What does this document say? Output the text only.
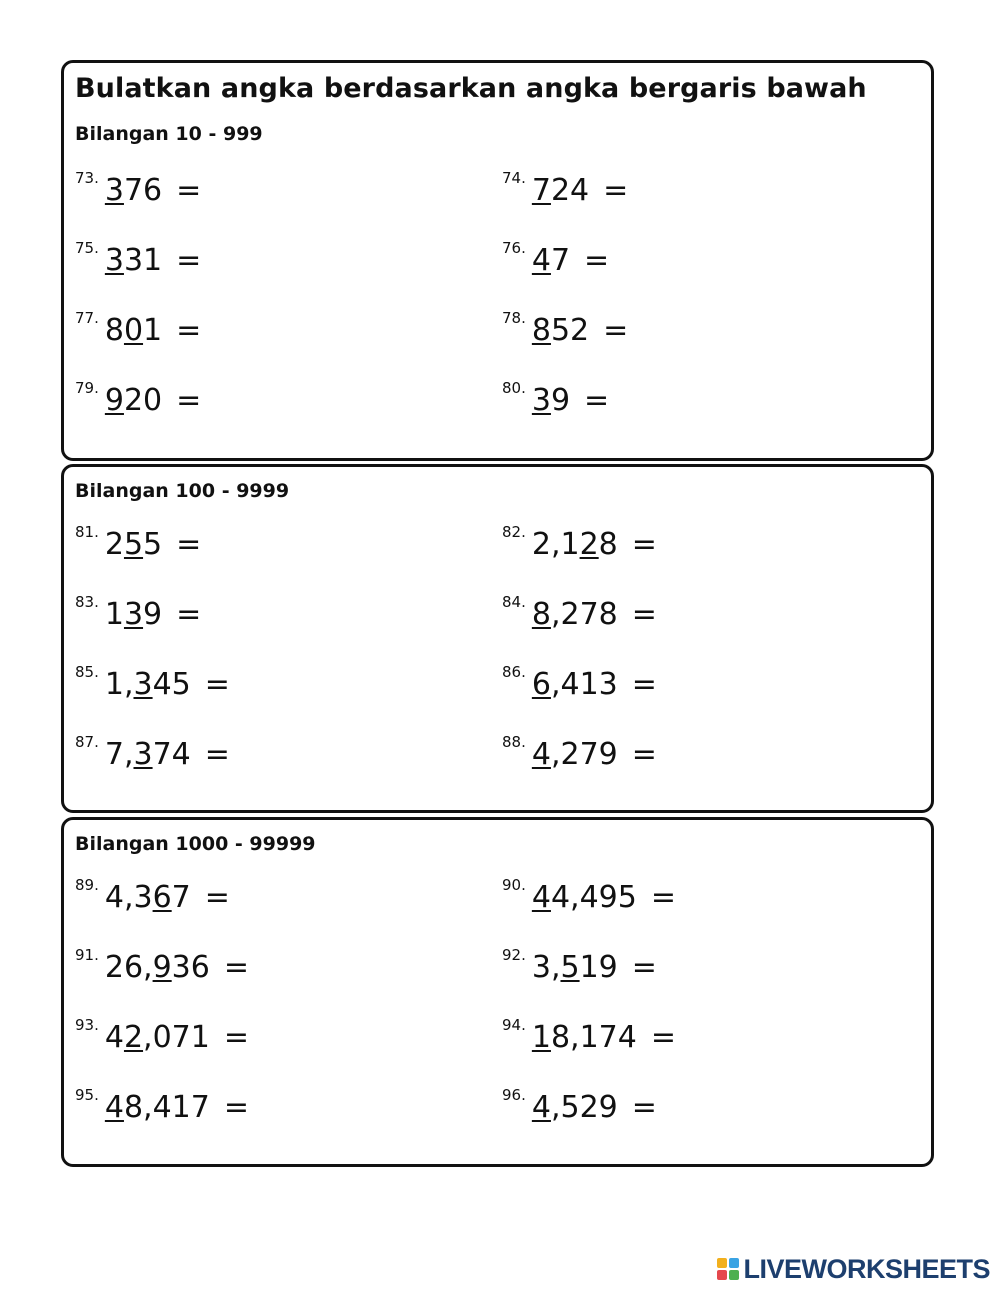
Bulatkan angka berdasarkan angka bergaris bawah
Bilangan 10 - 999
73. 376 =	74. 724 =
75. 331 =	76. 47 =
77. 801 =	78. 852 =
79. 920 =	80. 39 =
Bilangan 100 - 9999
81. 255 =	82. 2,128 =
83. 139 =	84. 8,278 =
85. 1,345 =	86. 6,413 =
87. 7,374 =	88. 4,279 =
Bilangan 1000 - 99999
89. 4,367 =	90. 44,495 =
91. 26,936 =	92. 3,519 =
93. 42,071 =	94. 18,174 =
95. 48,417 =	96. 4,529 =
LIVEWORKSHEETS
